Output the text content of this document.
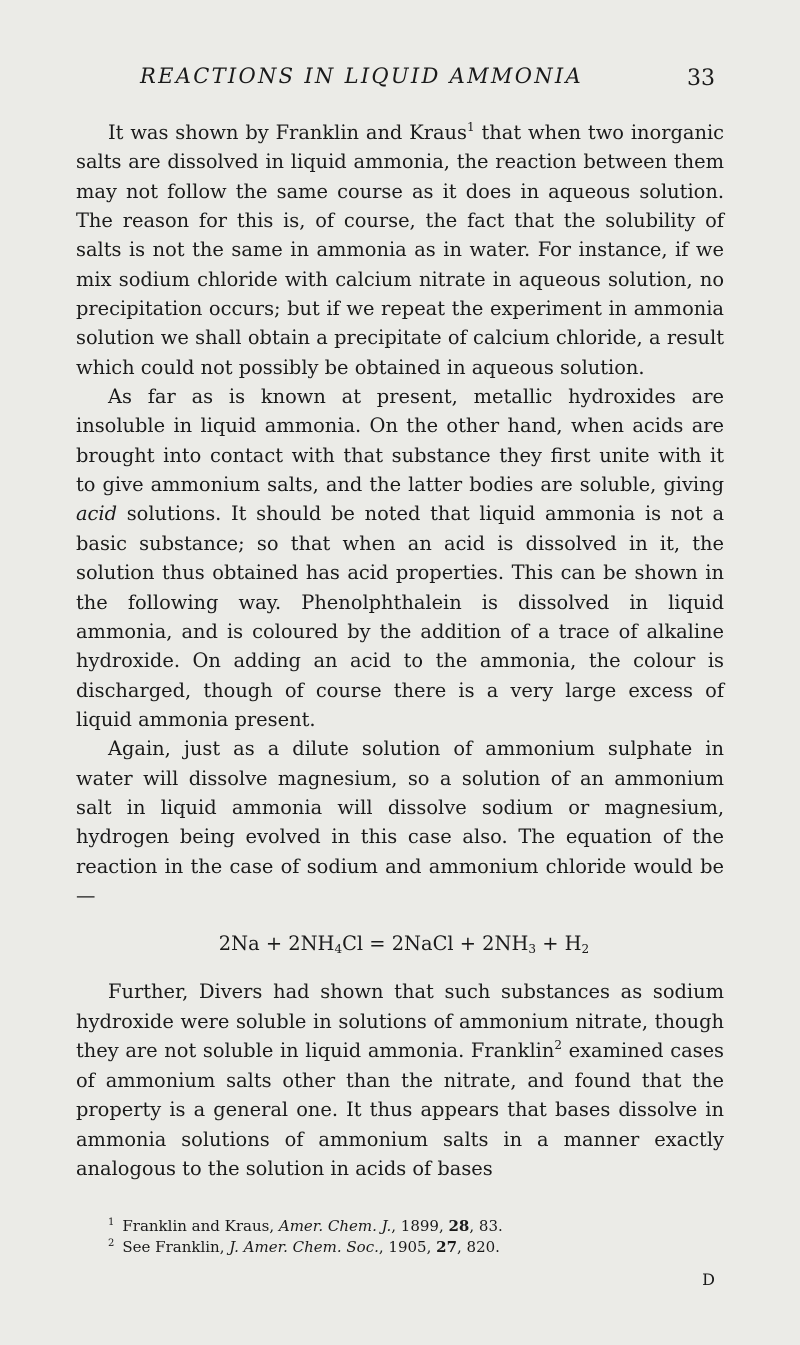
REACTIONS IN LIQUID AMMONIA	33

It was shown by Franklin and Kraus$^1$ that when two inorganic salts are dissolved in liquid ammonia, the reaction between them may not follow the same course as it does in aqueous solution. The reason for this is, of course, the fact that the solubility of salts is not the same in ammonia as in water. For instance, if we mix sodium chloride with calcium nitrate in aqueous solution, no precipitation occurs; but if we repeat the experiment in ammonia solution we shall obtain a precipitate of calcium chloride, a result which could not possibly be obtained in aqueous solution.

As far as is known at present, metallic hydroxides are insoluble in liquid ammonia. On the other hand, when acids are brought into contact with that substance they first unite with it to give ammonium salts, and the latter bodies are soluble, giving acid solutions. It should be noted that liquid ammonia is not a basic substance; so that when an acid is dissolved in it, the solution thus obtained has acid properties. This can be shown in the following way. Phenolphthalein is dissolved in liquid ammonia, and is coloured by the addition of a trace of alkaline hydroxide. On adding an acid to the ammonia, the colour is discharged, though of course there is a very large excess of liquid ammonia present.

Again, just as a dilute solution of ammonium sulphate in water will dissolve magnesium, so a solution of an ammonium salt in liquid ammonia will dissolve sodium or magnesium, hydrogen being evolved in this case also. The equation of the reaction in the case of sodium and ammonium chloride would be—

$2Na + 2NH_4Cl$ = 2NaCl + $2NH_3 + H_2$

Further, Divers had shown that such substances as sodium hydroxide were soluble in solutions of ammonium nitrate, though they are not soluble in liquid ammonia. Franklin$^2$ examined cases of ammonium salts other than the nitrate, and found that the property is a general one. It thus appears that bases dissolve in ammonia solutions of ammonium salts in a manner exactly analogous to the solution in acids of bases

$^1$ Franklin and Kraus, Amer. Chem. J., 1899, 28, 83.
$^2$ See Franklin, J. Amer. Chem. Soc., 1905, 27, 820.
D
